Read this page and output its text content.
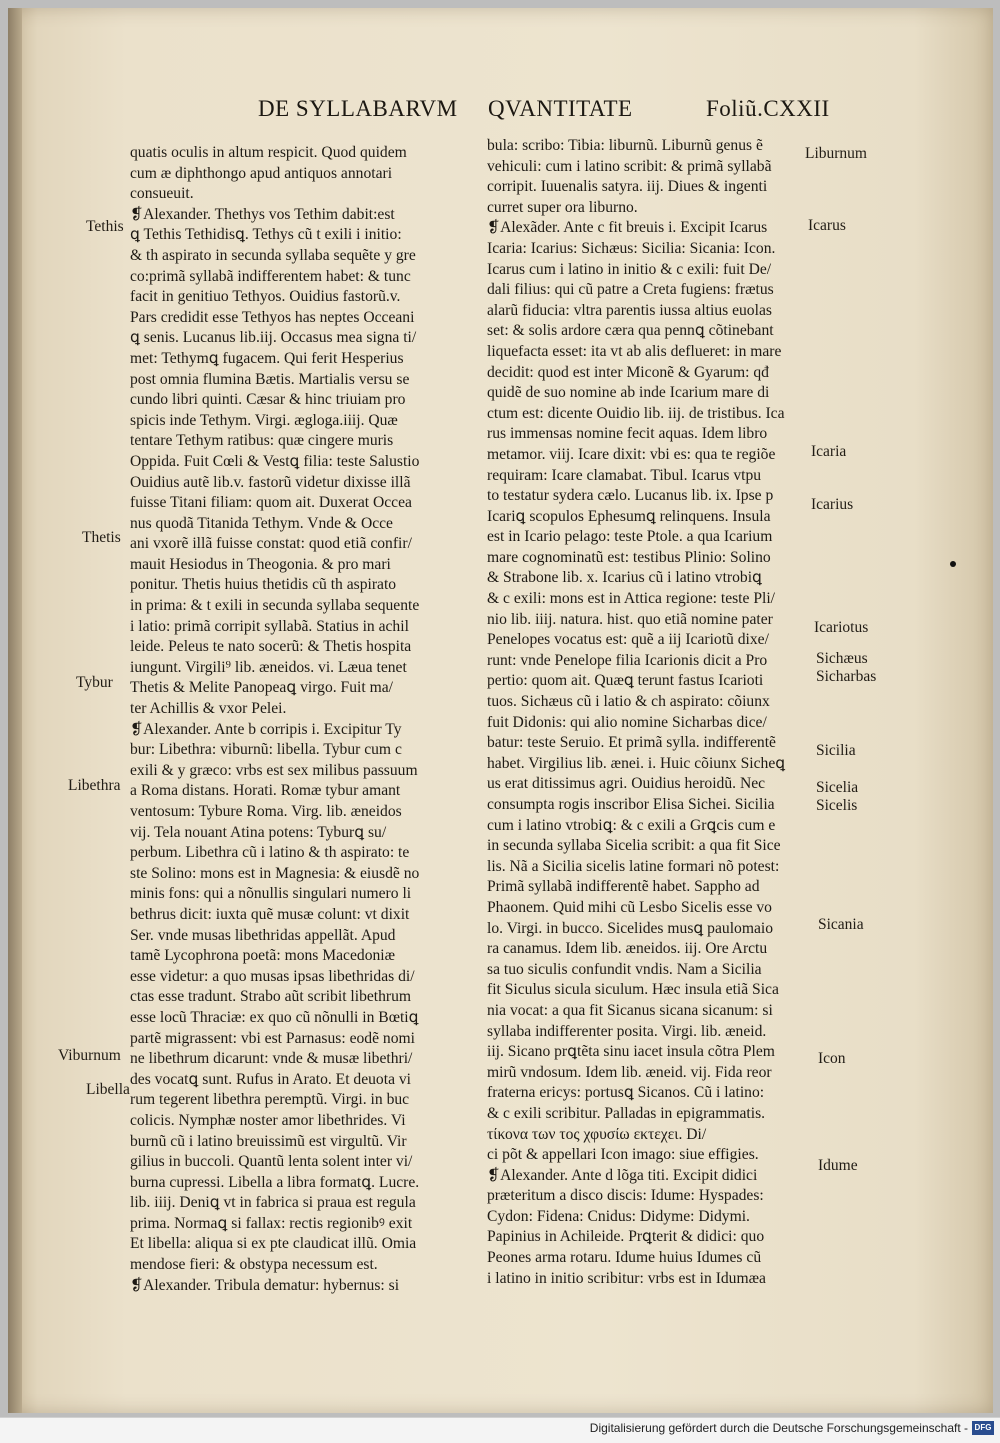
DE SYLLABARVM QVANTITATE	Foliũ.CXXII
quatis oculis in altum respicit. Quod quidem
cum æ diphthongo apud antiquos annotari
consueuit.
❡Alexander. Thethys vos Tethim dabit:est
ꝗ Tethis Tethidisꝗ. Tethys cũ t exili i initio:
& th aspirato in secunda syllaba sequẽte y gre
co:primã syllabã indifferentem habet: & tunc
facit in genitiuo Tethyos. Ouidius fastorũ.v.
Pars credidit esse Tethyos has neptes Occeani
ꝗ senis. Lucanus lib.iij. Occasus mea signa ti/
met: Tethymꝗ fugacem. Qui ferit Hesperius
post omnia flumina Bætis. Martialis versu se
cundo libri quinti. Cæsar & hinc triuiam pro
spicis inde Tethym. Virgi. ægloga.iiij. Quæ
tentare Tethym ratibus: quæ cingere muris
Oppida. Fuit Cœli & Vestꝗ filia: teste Salustio
Ouidius autẽ lib.v. fastorũ videtur dixisse illã
fuisse Titani filiam: quom ait. Duxerat Occea
nus quodã Titanida Tethym. Vnde & Occe
ani vxorẽ illã fuisse constat: quod etiã confir/
mauit Hesiodus in Theogonia. & pro mari
ponitur. Thetis huius thetidis cũ th aspirato
in prima: & t exili in secunda syllaba sequente
i latio: primã corripit syllabã. Statius in achil
leide. Peleus te nato socerũ: & Thetis hospita
iungunt. Virgili⁹ lib. æneidos. vi. Læua tenet
Thetis & Melite Panopeaꝗ virgo. Fuit ma/
ter Achillis & vxor Pelei.
❡Alexander. Ante b corripis i. Excipitur Ty
bur: Libethra: viburnũ: libella. Tybur cum c
exili & y græco: vrbs est sex milibus passuum
a Roma distans. Horati. Romæ tybur amant
ventosum: Tybure Roma. Virg. lib. æneidos
vij. Tela nouant Atina potens: Tyburꝗ su/
perbum. Libethra cũ i latino & th aspirato: te
ste Solino: mons est in Magnesia: & eiusdẽ no
minis fons: qui a nõnullis singulari numero li
bethrus dicit: iuxta quẽ musæ colunt: vt dixit
Ser. vnde musas libethridas appellãt. Apud
tamẽ Lycophrona poetã: mons Macedoniæ
esse videtur: a quo musas ipsas libethridas di/
ctas esse tradunt. Strabo aũt scribit libethrum
esse locũ Thraciæ: ex quo cũ nõnulli in Bœtiꝗ
partẽ migrassent: vbi est Parnasus: eodẽ nomi
ne libethrum dicarunt: vnde & musæ libethri/
des vocatꝗ sunt. Rufus in Arato. Et deuota vi
rum tegerent libethra peremptũ. Virgi. in buc
colicis. Nymphæ noster amor libethrides. Vi
burnũ cũ i latino breuissimũ est virgultũ. Vir
gilius in buccoli. Quantũ lenta solent inter vi/
burna cupressi. Libella a libra formatꝗ. Lucre.
lib. iiij. Deniꝗ vt in fabrica si praua est regula
prima. Normaꝗ si fallax: rectis regionibꝰ exit
Et libella: aliqua si ex pte claudicat illũ. Omia
mendose fieri: & obstypa necessum est.
❡Alexander. Tribula dematur: hybernus: si
bula: scribo: Tibia: liburnũ. Liburnũ genus ẽ
vehiculi: cum i latino scribit: & primã syllabã
corripit. Iuuenalis satyra. iij. Diues & ingenti
curret super ora liburno.
❡Alexãder. Ante c fit breuis i. Excipit Icarus
Icaria: Icarius: Sichæus: Sicilia: Sicania: Icon.
Icarus cum i latino in initio & c exili: fuit De/
dali filius: qui cũ patre a Creta fugiens: frætus
alarũ fiducia: vltra parentis iussa altius euolas
set: & solis ardore cæra qua pennꝗ cõtinebant
liquefacta esset: ita vt ab alis deflueret: in mare
decidit: quod est inter Miconẽ & Gyarum: qđ
quidẽ de suo nomine ab inde Icarium mare di
ctum est: dicente Ouidio lib. iij. de tristibus. Ica
rus immensas nomine fecit aquas. Idem libro
metamor. viij. Icare dixit: vbi es: qua te regiõe
requiram: Icare clamabat. Tibul. Icarus vtpu
to testatur sydera cælo. Lucanus lib. ix. Ipse p
Icariꝗ scopulos Ephesumꝗ relinquens. Insula
est in Icario pelago: teste Ptole. a qua Icarium
mare cognominatũ est: testibus Plinio: Solino
& Strabone lib. x. Icarius cũ i latino vtrobiꝗ
& c exili: mons est in Attica regione: teste Pli/
nio lib. iiij. natura. hist. quo etiã nomine pater
Penelopes vocatus est: quẽ a iij Icariotũ dixe/
runt: vnde Penelope filia Icarionis dicit a Pro
pertio: quom ait. Quæꝗ terunt fastus Icarioti
tuos. Sichæus cũ i latio & ch aspirato: cõiunx
fuit Didonis: qui alio nomine Sicharbas dice/
batur: teste Seruio. Et primã sylla. indifferentẽ
habet. Virgilius lib. ænei. i. Huic cõiunx Sicheꝗ
us erat ditissimus agri. Ouidius heroidũ. Nec
consumpta rogis inscribor Elisa Sichei. Sicilia
cum i latino vtrobiꝗ: & c exili a Grꝗcis cum e
in secunda syllaba Sicelia scribit: a qua fit Sice
lis. Nã a Sicilia sicelis latine formari nõ potest:
Primã syllabã indifferentẽ habet. Sappho ad
Phaonem. Quid mihi cũ Lesbo Sicelis esse vo
lo. Virgi. in bucco. Sicelides musꝗ paulomaio
ra canamus. Idem lib. æneidos. iij. Ore Arctu
sa tuo siculis confundit vndis. Nam a Sicilia
fit Siculus sicula siculum. Hæc insula etiã Sica
nia vocat: a qua fit Sicanus sicana sicanum: si
syllaba indifferenter posita. Virgi. lib. æneid.
iij. Sicano prꝗtẽta sinu iacet insula cõtra Plem
mirũ vndosum. Idem lib. æneid. vij. Fida reor
fraterna ericys: portusꝗ Sicanos. Cũ i latino:
& c exili scribitur. Palladas in epigrammatis.
τίκονα των τος χφυσίω εκτεχει. Di/
ci põt & appellari Icon imago: siue effigies.
❡Alexander. Ante d lõga titi. Excipit didici
præteritum a disco discis: Idume: Hyspades:
Cydon: Fidena: Cnidus: Didyme: Didymi.
Papinius in Achileide. Prꝗterit & didici: quo
Peones arma rotaru. Idume huius Idumes cũ
i latino in initio scribitur: vrbs est in Idumæa
Tethis
Thetis
Tybur
Libethra
Viburnum
Libella
Liburnum
Icarus
Icaria
Icarius
Icariotus
Sichæus
Sicharbas
Sicilia
Sicelia
Sicelis
Sicania
Icon
Idume
Digitalisierung gefördert durch die Deutsche Forschungsgemeinschaft - DFG
